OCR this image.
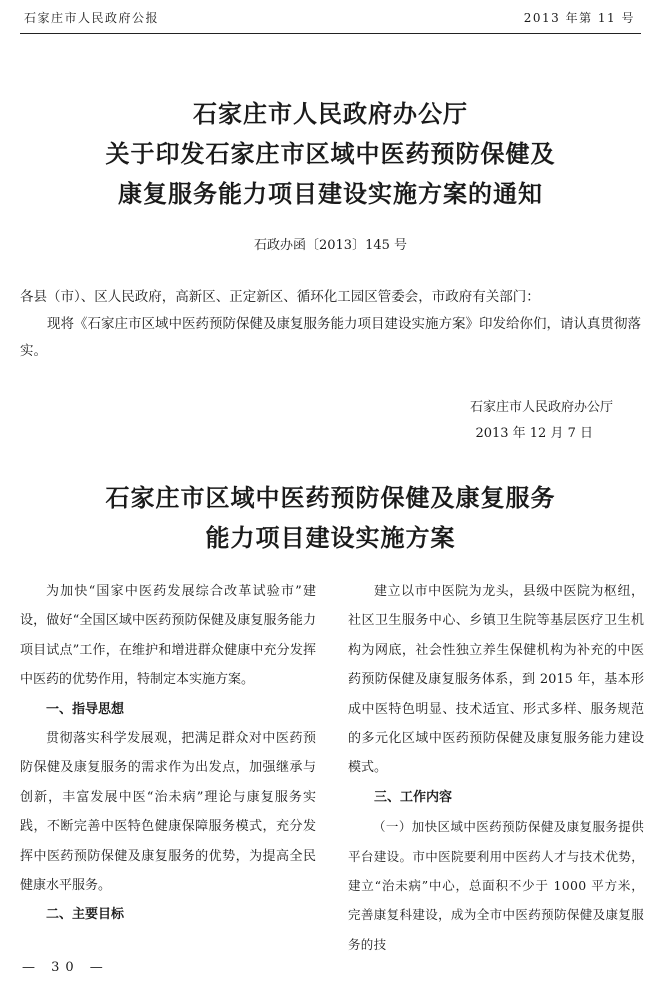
石家庄市人民政府公报	2013 年第 11 号
石家庄市人民政府办公厅
关于印发石家庄市区域中医药预防保健及
康复服务能力项目建设实施方案的通知
石政办函〔2013〕145 号
各县（市）、区人民政府，高新区、正定新区、循环化工园区管委会，市政府有关部门：
现将《石家庄市区域中医药预防保健及康复服务能力项目建设实施方案》印发给你们，请认真贯彻落实。
石家庄市人民政府办公厅
2013 年 12 月 7 日
石家庄市区域中医药预防保健及康复服务
能力项目建设实施方案

为加快“国家中医药发展综合改革试验市”建设，做好“全国区域中医药预防保健及康复服务能力项目试点”工作，在维护和增进群众健康中充分发挥中医药的优势作用，特制定本实施方案。

一、指导思想

贯彻落实科学发展观，把满足群众对中医药预防保健及康复服务的需求作为出发点，加强继承与创新，丰富发展中医“治未病”理论与康复服务实践，不断完善中医特色健康保障服务模式，充分发挥中医药预防保健及康复服务的优势，为提高全民健康水平服务。

二、主要目标

建立以市中医院为龙头，县级中医院为枢纽，社区卫生服务中心、乡镇卫生院等基层医疗卫生机构为网底，社会性独立养生保健机构为补充的中医药预防保健及康复服务体系，到 2015 年，基本形成中医特色明显、技术适宜、形式多样、服务规范的多元化区域中医药预防保健及康复服务能力建设模式。

三、工作内容

（一）加快区域中医药预防保健及康复服务提供平台建设。市中医院要利用中医药人才与技术优势，建立“治未病”中心，总面积不少于 1000 平方米，完善康复科建设，成为全市中医药预防保健及康复服务的技

— 30 —
